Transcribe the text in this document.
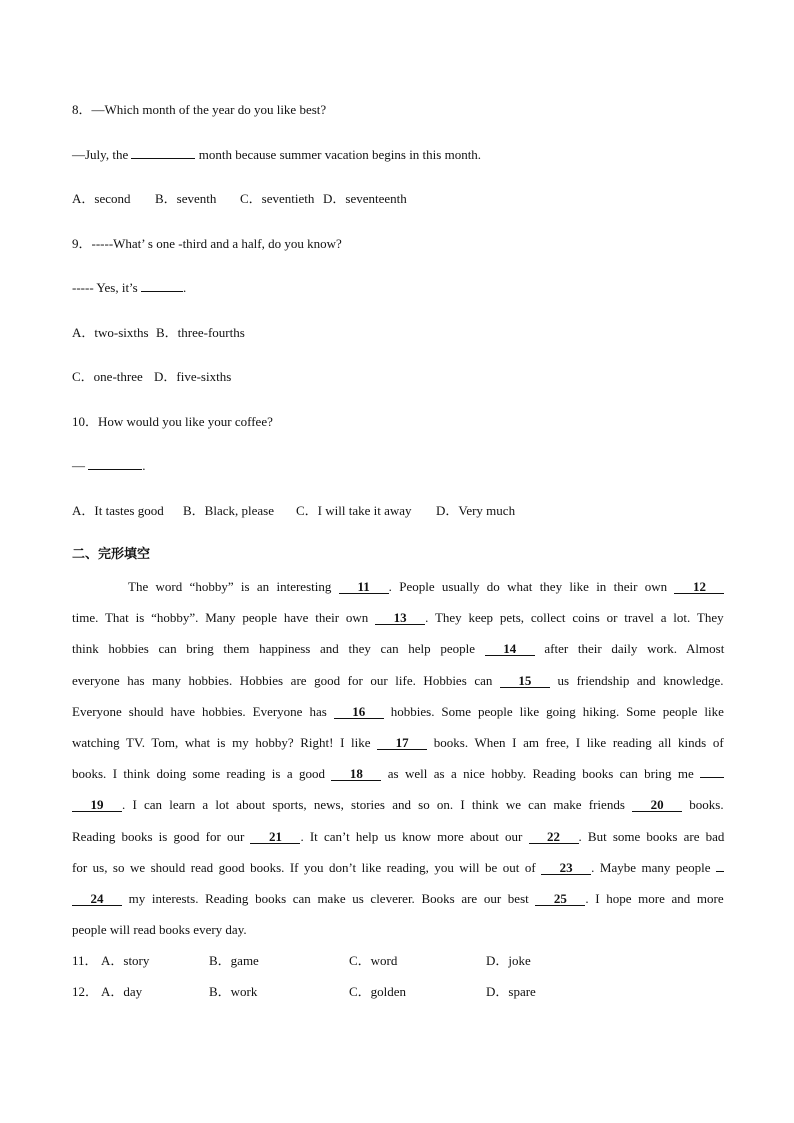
8．—Which month of the year do you like best?
—July, the	month because summer vacation begins in this month.
A．second B．seventh C．seventieth D．seventeenth
9．-----What’ s one -third and a half, do you know?
----- Yes, it’s	.
A．two-sixths B．three-fourths
C．one-three D．five-sixths
10．How would you like your coffee?
—	.
A．It tastes good B．Black, please C．I will take it away D．Very much
二、完形填空
The word “hobby” is an interesting 11 . People usually do what they like in their own 12
time. That is “hobby”. Many people have their own 13 . They keep pets, collect coins or travel a lot. They
think hobbies can bring them happiness and they can help people 14 after their daily work. Almost
everyone has many hobbies. Hobbies are good for our life. Hobbies can 15 us friendship and knowledge.
Everyone should have hobbies. Everyone has 16 hobbies. Some people like going hiking. Some people like
watching TV. Tom, what is my hobby? Right! I like 17 books. When I am free, I like reading all kinds of
books. I think doing some reading is a good 18 as well as a nice hobby. Reading books can bring me
19 . I can learn a lot about sports, news, stories and so on. I think we can make friends 20 books.
Reading books is good for our 21 . It can’t help us know more about our 22 . But some books are bad
for us, so we should read good books. If you don’t like reading, you will be out of 23 . Maybe many people
24 my interests. Reading books can make us cleverer. Books are our best 25 . I hope more and more
people will read books every day.
11． A．story	B．game	C．word	D．joke
12． A．day	B．work	C．golden	D．spare
